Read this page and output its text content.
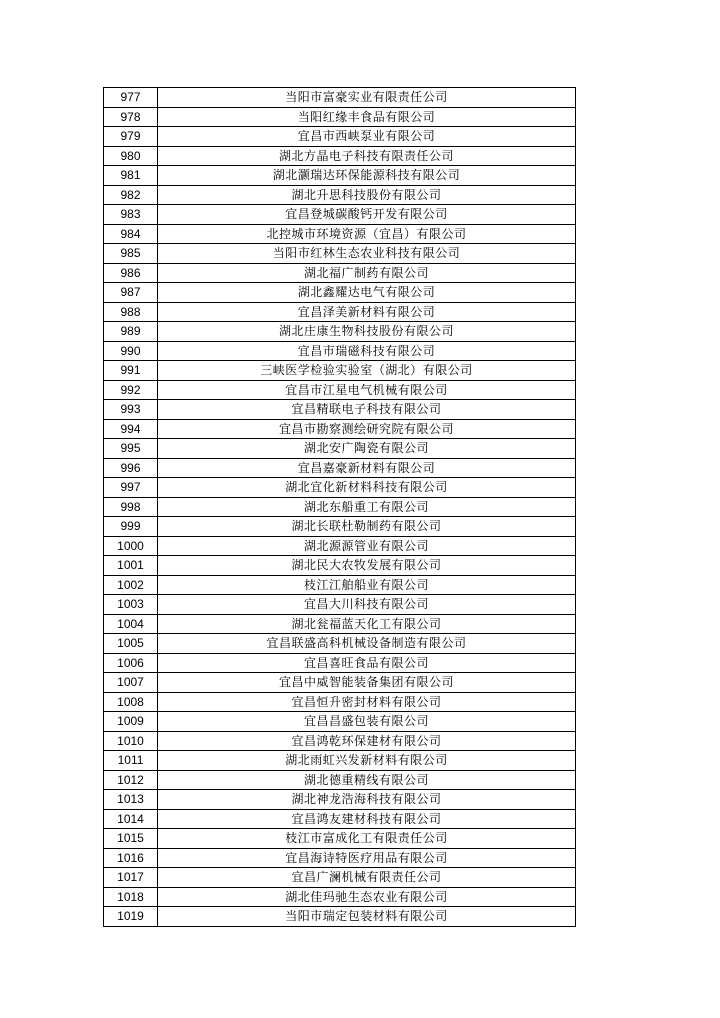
977	当阳市富豪实业有限责任公司
978	当阳红缘丰食品有限公司
979	宜昌市西峡泵业有限公司
980	湖北方晶电子科技有限责任公司
981	湖北灏瑞达环保能源科技有限公司
982	湖北升思科技股份有限公司
983	宜昌登城碳酸钙开发有限公司
984	北控城市环境资源（宜昌）有限公司
985	当阳市红林生态农业科技有限公司
986	湖北福广制药有限公司
987	湖北鑫耀达电气有限公司
988	宜昌泽美新材料有限公司
989	湖北庄康生物科技股份有限公司
990	宜昌市瑞磁科技有限公司
991	三峡医学检验实验室（湖北）有限公司
992	宜昌市江星电气机械有限公司
993	宜昌精联电子科技有限公司
994	宜昌市勘察测绘研究院有限公司
995	湖北安广陶瓷有限公司
996	宜昌嘉豪新材料有限公司
997	湖北宜化新材料科技有限公司
998	湖北东船重工有限公司
999	湖北长联杜勒制药有限公司
1000	湖北源源管业有限公司
1001	湖北民大农牧发展有限公司
1002	枝江江舶船业有限公司
1003	宜昌大川科技有限公司
1004	湖北瓮福蓝天化工有限公司
1005	宜昌联盛高科机械设备制造有限公司
1006	宜昌喜旺食品有限公司
1007	宜昌中威智能装备集团有限公司
1008	宜昌恒升密封材料有限公司
1009	宜昌昌盛包装有限公司
1010	宜昌鸿乾环保建材有限公司
1011	湖北雨虹兴发新材料有限公司
1012	湖北德重精线有限公司
1013	湖北神龙浩海科技有限公司
1014	宜昌鸿友建材科技有限公司
1015	枝江市富成化工有限责任公司
1016	宜昌海诗特医疗用品有限公司
1017	宜昌广澜机械有限责任公司
1018	湖北佳玛驰生态农业有限公司
1019	当阳市瑞定包装材料有限公司
